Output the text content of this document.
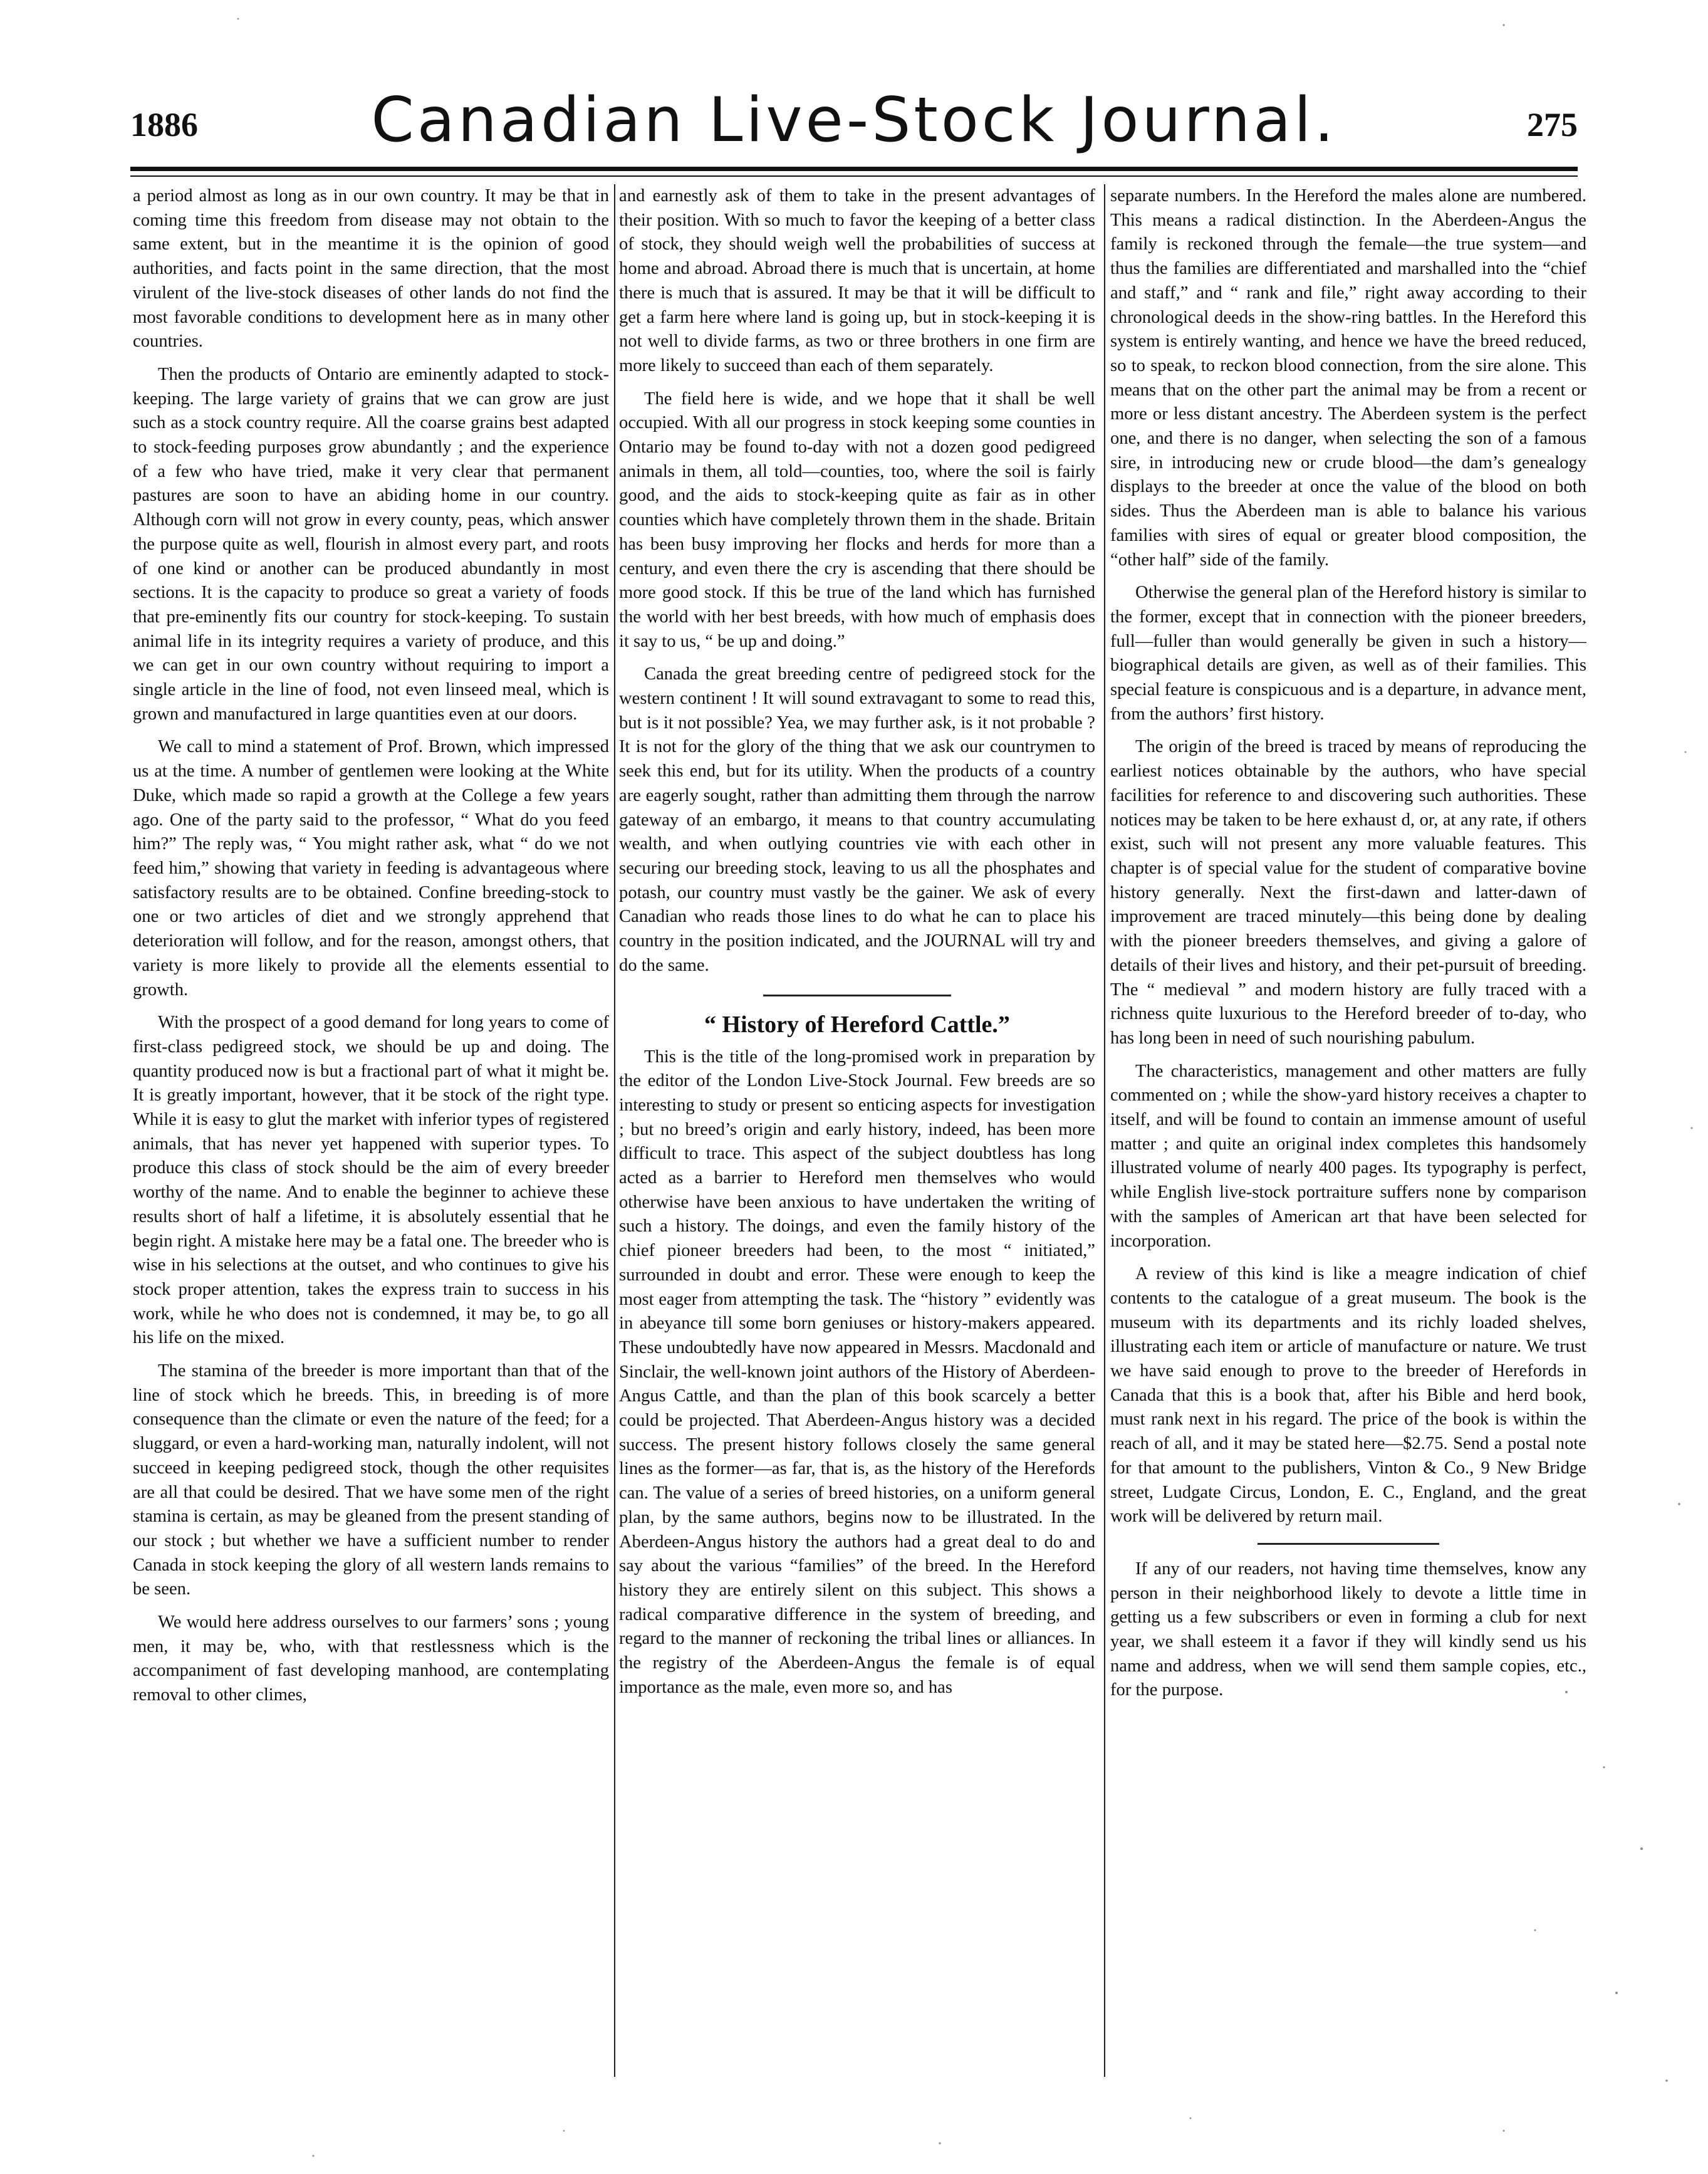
1886	Canadian Live-Stock Journal.	275

a period almost as long as in our own country. It may be that in coming time this freedom from disease may not obtain to the same extent, but in the meantime it is the opinion of good authorities, and facts point in the same direction, that the most virulent of the live-stock diseases of other lands do not find the most favorable conditions to development here as in many other countries.

Then the products of Ontario are eminently adapted to stock-keeping. The large variety of grains that we can grow are just such as a stock country require. All the coarse grains best adapted to stock-feeding purposes grow abundantly ; and the experience of a few who have tried, make it very clear that permanent pastures are soon to have an abiding home in our country. Although corn will not grow in every county, peas, which answer the purpose quite as well, flourish in almost every part, and roots of one kind or another can be produced abundantly in most sections. It is the capacity to produce so great a variety of foods that pre-eminently fits our country for stock-keeping. To sustain animal life in its integrity requires a variety of produce, and this we can get in our own country without requiring to import a single article in the line of food, not even linseed meal, which is grown and manufactured in large quantities even at our doors.

We call to mind a statement of Prof. Brown, which impressed us at the time. A number of gentlemen were looking at the White Duke, which made so rapid a growth at the College a few years ago. One of the party said to the professor, “ What do you feed him?” The reply was, “ You might rather ask, what “ do we not feed him,” showing that variety in feeding is advantageous where satisfactory results are to be obtained. Confine breeding-stock to one or two articles of diet and we strongly apprehend that deterioration will follow, and for the reason, amongst others, that variety is more likely to provide all the elements essential to growth.

With the prospect of a good demand for long years to come of first-class pedigreed stock, we should be up and doing. The quantity produced now is but a fractional part of what it might be. It is greatly important, however, that it be stock of the right type. While it is easy to glut the market with inferior types of registered animals, that has never yet happened with superior types. To produce this class of stock should be the aim of every breeder worthy of the name. And to enable the beginner to achieve these results short of half a lifetime, it is absolutely essential that he begin right. A mistake here may be a fatal one. The breeder who is wise in his selections at the outset, and who continues to give his stock proper attention, takes the express train to success in his work, while he who does not is condemned, it may be, to go all his life on the mixed.

The stamina of the breeder is more important than that of the line of stock which he breeds. This, in breeding is of more consequence than the climate or even the nature of the feed; for a sluggard, or even a hard-working man, naturally indolent, will not succeed in keeping pedigreed stock, though the other requisites are all that could be desired. That we have some men of the right stamina is certain, as may be gleaned from the present standing of our stock ; but whether we have a sufficient number to render Canada in stock keeping the glory of all western lands remains to be seen.

We would here address ourselves to our farmers’ sons ; young men, it may be, who, with that restlessness which is the accompaniment of fast developing manhood, are contemplating removal to other climes,

and earnestly ask of them to take in the present advantages of their position. With so much to favor the keeping of a better class of stock, they should weigh well the probabilities of success at home and abroad. Abroad there is much that is uncertain, at home there is much that is assured. It may be that it will be difficult to get a farm here where land is going up, but in stock-keeping it is not well to divide farms, as two or three brothers in one firm are more likely to succeed than each of them separately.

The field here is wide, and we hope that it shall be well occupied. With all our progress in stock keeping some counties in Ontario may be found to-day with not a dozen good pedigreed animals in them, all told—counties, too, where the soil is fairly good, and the aids to stock-keeping quite as fair as in other counties which have completely thrown them in the shade. Britain has been busy improving her flocks and herds for more than a century, and even there the cry is ascending that there should be more good stock. If this be true of the land which has furnished the world with her best breeds, with how much of emphasis does it say to us, “ be up and doing.”

Canada the great breeding centre of pedigreed stock for the western continent ! It will sound extravagant to some to read this, but is it not possible? Yea, we may further ask, is it not probable ? It is not for the glory of the thing that we ask our countrymen to seek this end, but for its utility. When the products of a country are eagerly sought, rather than admitting them through the narrow gateway of an embargo, it means to that country accumulating wealth, and when outlying countries vie with each other in securing our breeding stock, leaving to us all the phosphates and potash, our country must vastly be the gainer. We ask of every Canadian who reads those lines to do what he can to place his country in the position indicated, and the JOURNAL will try and do the same.

“ History of Hereford Cattle.”

This is the title of the long-promised work in preparation by the editor of the London Live-Stock Journal. Few breeds are so interesting to study or present so enticing aspects for investigation ; but no breed’s origin and early history, indeed, has been more difficult to trace. This aspect of the subject doubtless has long acted as a barrier to Hereford men themselves who would otherwise have been anxious to have undertaken the writing of such a history. The doings, and even the family history of the chief pioneer breeders had been, to the most “ initiated,” surrounded in doubt and error. These were enough to keep the most eager from attempting the task. The “history ” evidently was in abeyance till some born geniuses or history-makers appeared. These undoubtedly have now appeared in Messrs. Macdonald and Sinclair, the well-known joint authors of the History of Aberdeen-Angus Cattle, and than the plan of this book scarcely a better could be projected. That Aberdeen-Angus history was a decided success. The present history follows closely the same general lines as the former—as far, that is, as the history of the Herefords can. The value of a series of breed histories, on a uniform general plan, by the same authors, begins now to be illustrated. In the Aberdeen-Angus history the authors had a great deal to do and say about the various “families” of the breed. In the Hereford history they are entirely silent on this subject. This shows a radical comparative difference in the system of breeding, and regard to the manner of reckoning the tribal lines or alliances. In the registry of the Aberdeen-Angus the female is of equal importance as the male, even more so, and has

separate numbers. In the Hereford the males alone are numbered. This means a radical distinction. In the Aberdeen-Angus the family is reckoned through the female—the true system—and thus the families are differentiated and marshalled into the “chief and staff,” and “ rank and file,” right away according to their chronological deeds in the show-ring battles. In the Hereford this system is entirely wanting, and hence we have the breed reduced, so to speak, to reckon blood connection, from the sire alone. This means that on the other part the animal may be from a recent or more or less distant ancestry. The Aberdeen system is the perfect one, and there is no danger, when selecting the son of a famous sire, in introducing new or crude blood—the dam’s genealogy displays to the breeder at once the value of the blood on both sides. Thus the Aberdeen man is able to balance his various families with sires of equal or greater blood composition, the “other half” side of the family.

Otherwise the general plan of the Hereford history is similar to the former, except that in connection with the pioneer breeders, full—fuller than would generally be given in such a history—biographical details are given, as well as of their families. This special feature is conspicuous and is a departure, in advance ment, from the authors’ first history.

The origin of the breed is traced by means of reproducing the earliest notices obtainable by the authors, who have special facilities for reference to and discovering such authorities. These notices may be taken to be here exhaust d, or, at any rate, if others exist, such will not present any more valuable features. This chapter is of special value for the student of comparative bovine history generally. Next the first-dawn and latter-dawn of improvement are traced minutely—this being done by dealing with the pioneer breeders themselves, and giving a galore of details of their lives and history, and their pet-pursuit of breeding. The “ medieval ” and modern history are fully traced with a richness quite luxurious to the Hereford breeder of to-day, who has long been in need of such nourishing pabulum.

The characteristics, management and other matters are fully commented on ; while the show-yard history receives a chapter to itself, and will be found to contain an immense amount of useful matter ; and quite an original index completes this handsomely illustrated volume of nearly 400 pages. Its typography is perfect, while English live-stock portraiture suffers none by comparison with the samples of American art that have been selected for incorporation.

A review of this kind is like a meagre indication of chief contents to the catalogue of a great museum. The book is the museum with its departments and its richly loaded shelves, illustrating each item or article of manufacture or nature. We trust we have said enough to prove to the breeder of Herefords in Canada that this is a book that, after his Bible and herd book, must rank next in his regard. The price of the book is within the reach of all, and it may be stated here—$2.75. Send a postal note for that amount to the publishers, Vinton & Co., 9 New Bridge street, Ludgate Circus, London, E. C., England, and the great work will be delivered by return mail.

If any of our readers, not having time themselves, know any person in their neighborhood likely to devote a little time in getting us a few subscribers or even in forming a club for next year, we shall esteem it a favor if they will kindly send us his name and address, when we will send them sample copies, etc., for the purpose.
